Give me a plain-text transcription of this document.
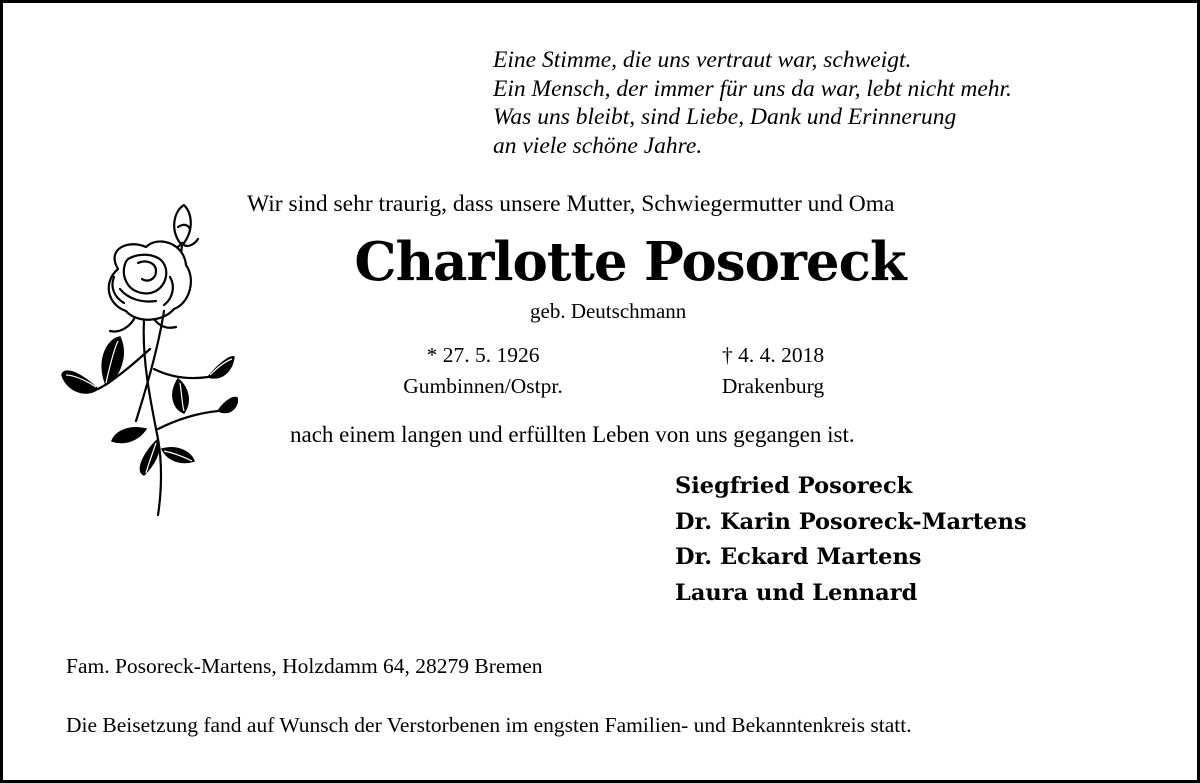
Eine Stimme, die uns vertraut war, schweigt.
Ein Mensch, der immer für uns da war, lebt nicht mehr.
Was uns bleibt, sind Liebe, Dank und Erinnerung
an viele schöne Jahre.
Wir sind sehr traurig, dass unsere Mutter, Schwiegermutter und Oma
Charlotte Posoreck
geb. Deutschmann
* 27. 5. 1926
Gumbinnen/Ostpr.
† 4. 4. 2018
Drakenburg
nach einem langen und erfüllten Leben von uns gegangen ist.
Siegfried Posoreck
Dr. Karin Posoreck-Martens
Dr. Eckard Martens
Laura und Lennard
Fam. Posoreck-Martens, Holzdamm 64, 28279 Bremen
Die Beisetzung fand auf Wunsch der Verstorbenen im engsten Familien- und Bekanntenkreis statt.
